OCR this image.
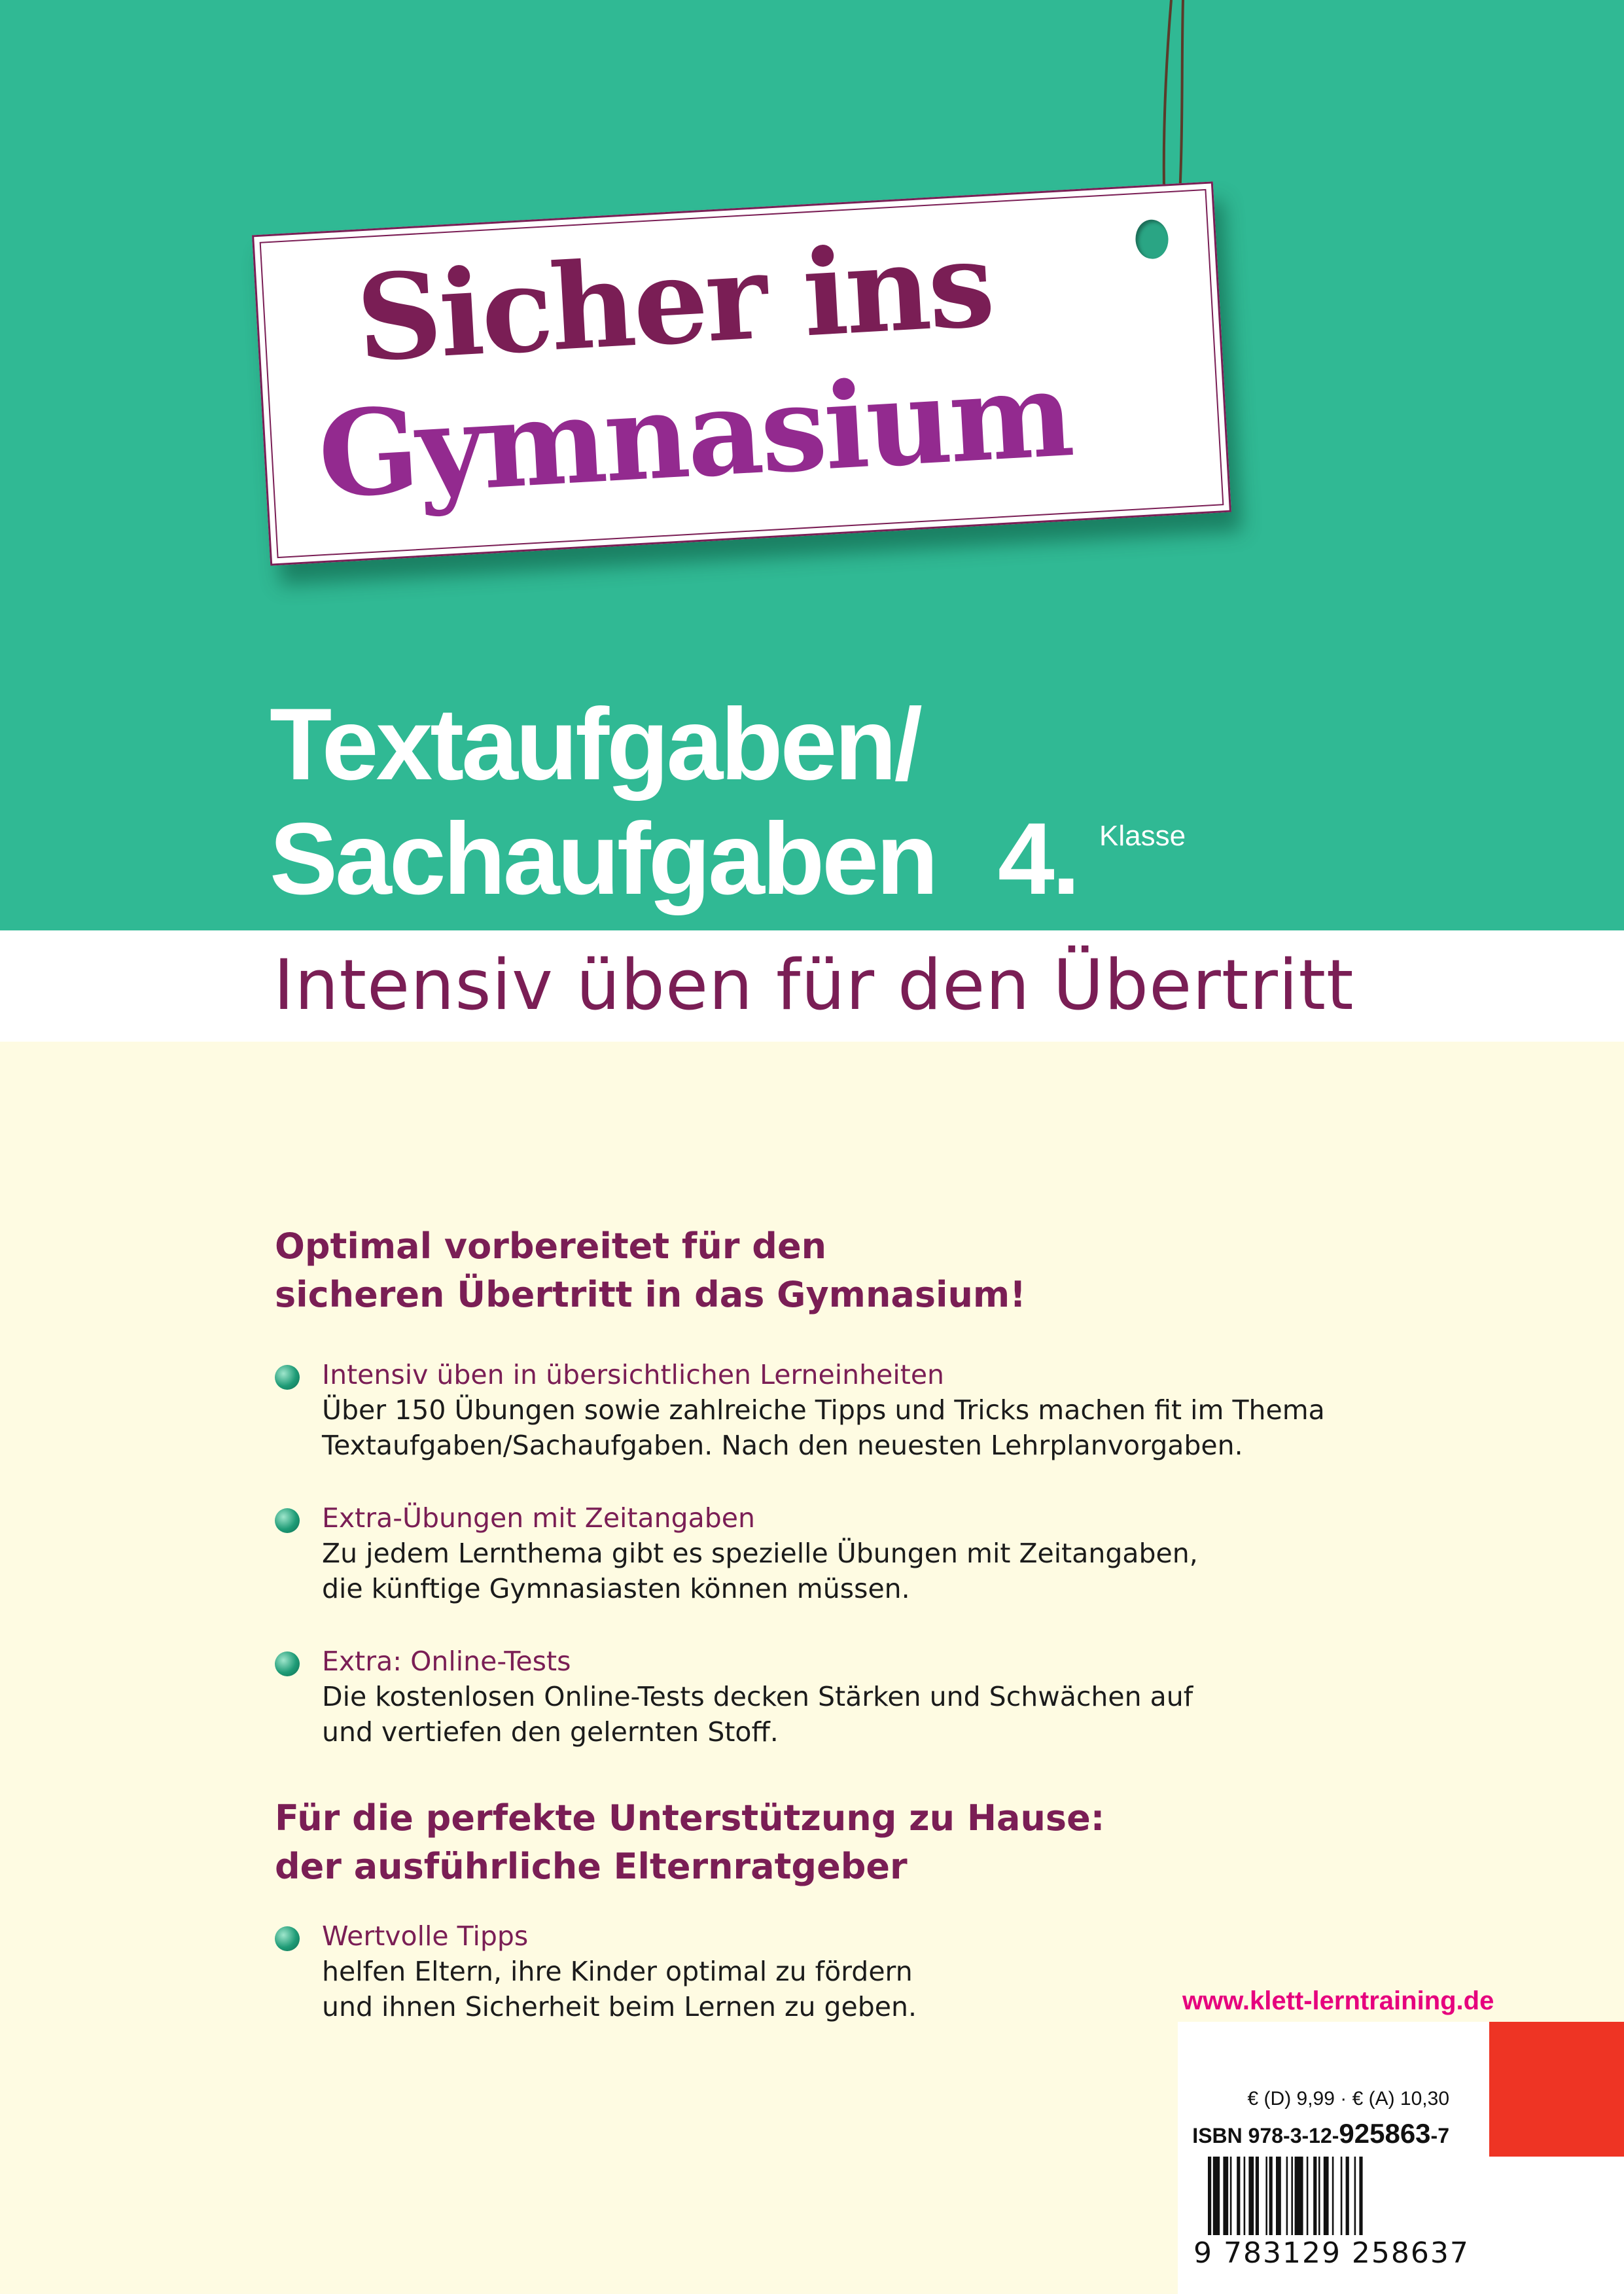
Sicher ins
Gymnasium
Textaufgaben/
Sachaufgaben 4. Klasse
Intensiv üben für den Übertritt
Optimal vorbereitet für den
sicheren Übertritt in das Gymnasium!
Intensiv üben in übersichtlichen Lerneinheiten
Über 150 Übungen sowie zahlreiche Tipps und Tricks machen fit im Thema
Textaufgaben/Sachaufgaben. Nach den neuesten Lehrplanvorgaben.
Extra-Übungen mit Zeitangaben
Zu jedem Lernthema gibt es spezielle Übungen mit Zeitangaben,
die künftige Gymnasiasten können müssen.
Extra: Online-Tests
Die kostenlosen Online-Tests decken Stärken und Schwächen auf
und vertiefen den gelernten Stoff.
Für die perfekte Unterstützung zu Hause:
der ausführliche Elternratgeber
Wertvolle Tipps
helfen Eltern, ihre Kinder optimal zu fördern
und ihnen Sicherheit beim Lernen zu geben.	www.klett-lerntraining.de
€ (D) 9,99 · € (A) 10,30
ISBN 978-3-12-925863-7
9 783129 258637
